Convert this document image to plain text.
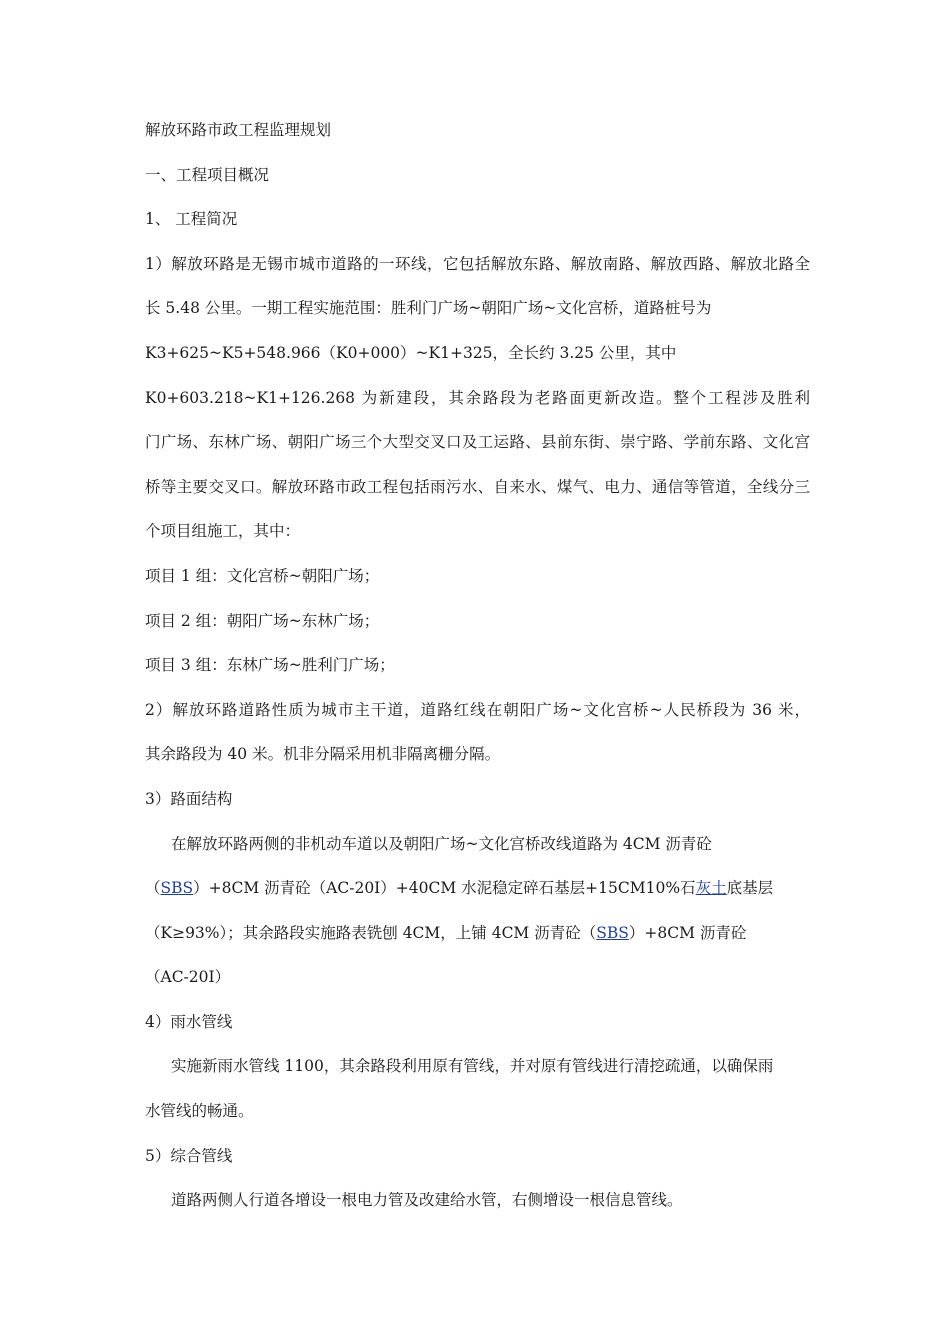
解放环路市政工程监理规划
一、工程项目概况
1、 工程简况
1）解放环路是无锡市城市道路的一环线，它包括解放东路、解放南路、解放西路、解放北路全
长 5.48 公里。一期工程实施范围：胜利门广场~朝阳广场~文化宫桥，道路桩号为
K3+625~K5+548.966（K0+000）~K1+325，全长约 3.25 公里，其中
K0+603.218~K1+126.268 为新建段，其余路段为老路面更新改造。整个工程涉及胜利
门广场、东林广场、朝阳广场三个大型交叉口及工运路、县前东街、崇宁路、学前东路、文化宫
桥等主要交叉口。解放环路市政工程包括雨污水、自来水、煤气、电力、通信等管道，全线分三
个项目组施工，其中：
项目 1 组：文化宫桥~朝阳广场；
项目 2 组：朝阳广场~东林广场；
项目 3 组：东林广场~胜利门广场；
2）解放环路道路性质为城市主干道，道路红线在朝阳广场~文化宫桥~人民桥段为 36 米，
其余路段为 40 米。机非分隔采用机非隔离栅分隔。
3）路面结构
在解放环路两侧的非机动车道以及朝阳广场~文化宫桥改线道路为 4CM 沥青砼
（SBS）+8CM 沥青砼（AC-20Ⅰ）+40CM 水泥稳定碎石基层+15CM10%石灰土底基层
（K≥93%）；其余路段实施路表铣刨 4CM，上铺 4CM 沥青砼（SBS）+8CM 沥青砼
（AC-20Ⅰ）
4）雨水管线
实施新雨水管线 1100，其余路段利用原有管线，并对原有管线进行清挖疏通，以确保雨
水管线的畅通。
5）综合管线
道路两侧人行道各增设一根电力管及改建给水管，右侧增设一根信息管线。
